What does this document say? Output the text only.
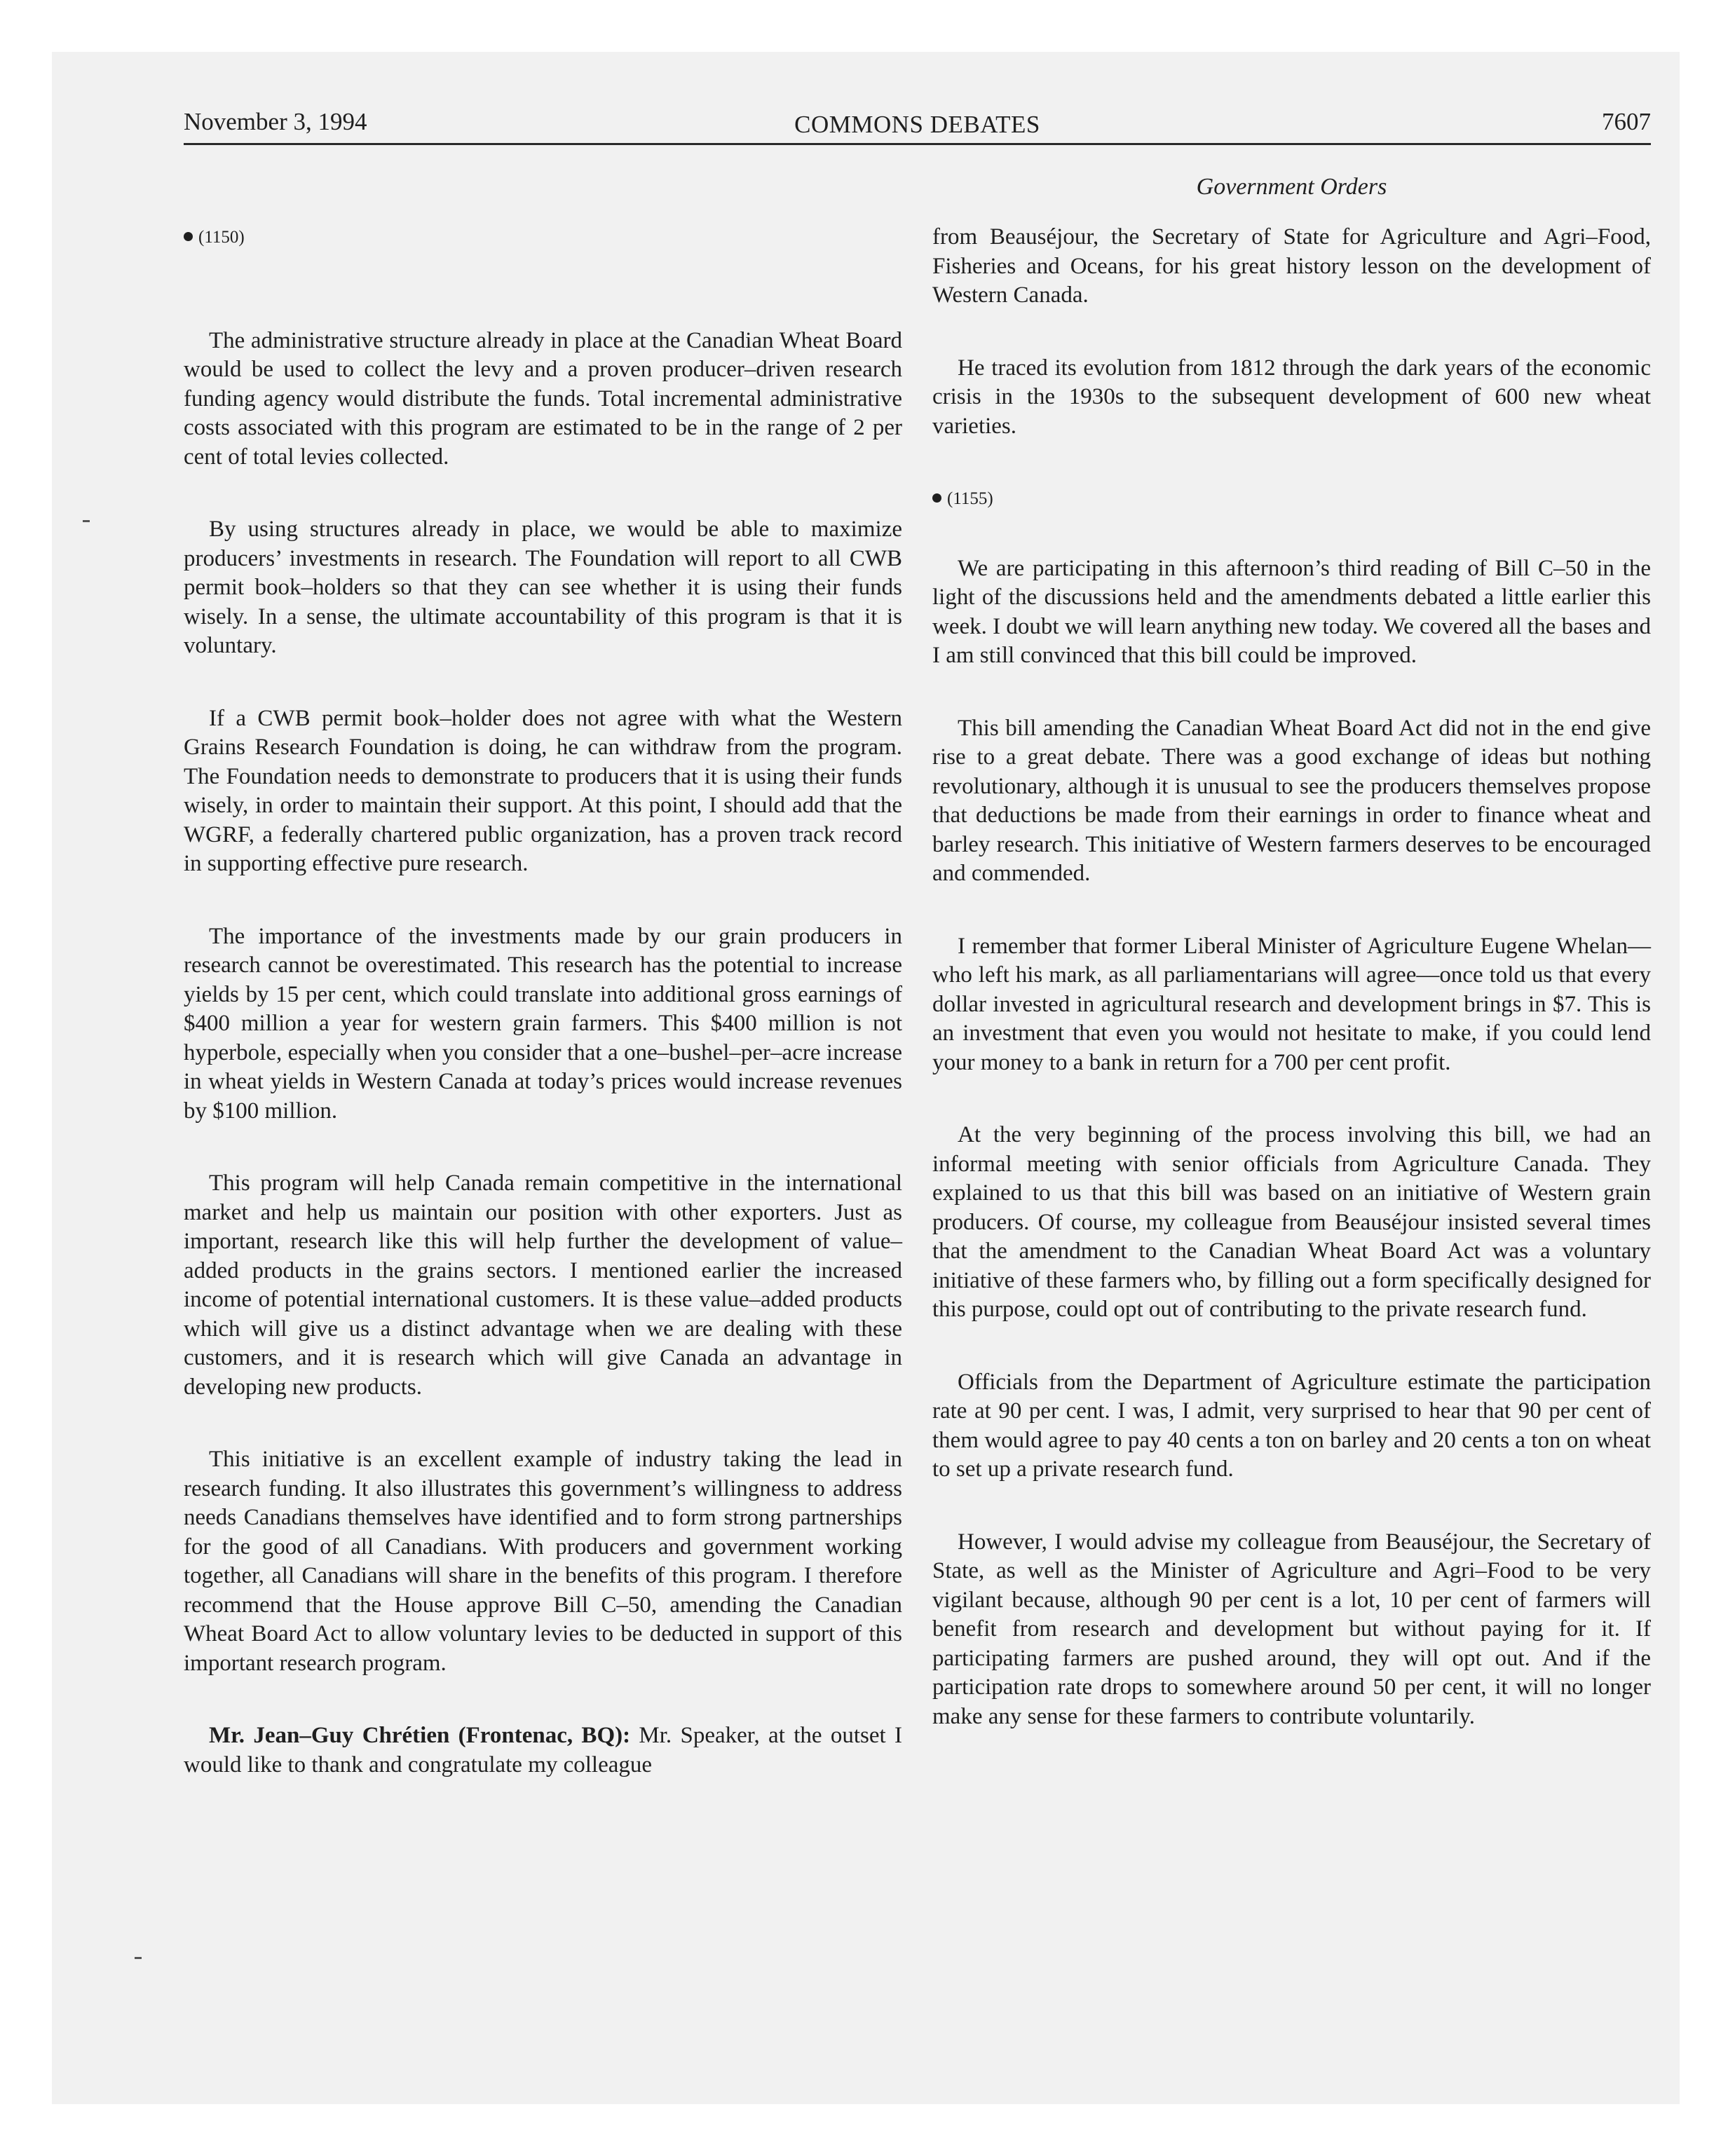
November 3, 1994	COMMONS DEBATES	7607
Government Orders
(1150)

The administrative structure already in place at the Canadian Wheat Board would be used to collect the levy and a proven producer–driven research funding agency would distribute the funds. Total incremental administrative costs associated with this program are estimated to be in the range of 2 per cent of total levies collected.

By using structures already in place, we would be able to maximize producers’ investments in research. The Foundation will report to all CWB permit book–holders so that they can see whether it is using their funds wisely. In a sense, the ultimate accountability of this program is that it is voluntary.

If a CWB permit book–holder does not agree with what the Western Grains Research Foundation is doing, he can withdraw from the program. The Foundation needs to demonstrate to producers that it is using their funds wisely, in order to maintain their support. At this point, I should add that the WGRF, a federally chartered public organization, has a proven track record in supporting effective pure research.

The importance of the investments made by our grain producers in research cannot be overestimated. This research has the potential to increase yields by 15 per cent, which could translate into additional gross earnings of $400 million a year for western grain farmers. This $400 million is not hyperbole, especially when you consider that a one–bushel–per–acre increase in wheat yields in Western Canada at today’s prices would increase revenues by $100 million.

This program will help Canada remain competitive in the international market and help us maintain our position with other exporters. Just as important, research like this will help further the development of value–added products in the grains sectors. I mentioned earlier the increased income of potential international customers. It is these value–added products which will give us a distinct advantage when we are dealing with these customers, and it is research which will give Canada an advantage in developing new products.

This initiative is an excellent example of industry taking the lead in research funding. It also illustrates this government’s willingness to address needs Canadians themselves have identified and to form strong partnerships for the good of all Canadians. With producers and government working together, all Canadians will share in the benefits of this program. I therefore recommend that the House approve Bill C–50, amending the Canadian Wheat Board Act to allow voluntary levies to be deducted in support of this important research program.

Mr. Jean–Guy Chrétien (Frontenac, BQ): Mr. Speaker, at the outset I would like to thank and congratulate my colleague

from Beauséjour, the Secretary of State for Agriculture and Agri–Food, Fisheries and Oceans, for his great history lesson on the development of Western Canada.

He traced its evolution from 1812 through the dark years of the economic crisis in the 1930s to the subsequent development of 600 new wheat varieties.

(1155)

We are participating in this afternoon’s third reading of Bill C–50 in the light of the discussions held and the amendments debated a little earlier this week. I doubt we will learn anything new today. We covered all the bases and I am still convinced that this bill could be improved.

This bill amending the Canadian Wheat Board Act did not in the end give rise to a great debate. There was a good exchange of ideas but nothing revolutionary, although it is unusual to see the producers themselves propose that deductions be made from their earnings in order to finance wheat and barley research. This initiative of Western farmers deserves to be encouraged and commended.

I remember that former Liberal Minister of Agriculture Eugene Whelan—who left his mark, as all parliamentarians will agree—once told us that every dollar invested in agricultural research and development brings in $7. This is an investment that even you would not hesitate to make, if you could lend your money to a bank in return for a 700 per cent profit.

At the very beginning of the process involving this bill, we had an informal meeting with senior officials from Agriculture Canada. They explained to us that this bill was based on an initiative of Western grain producers. Of course, my colleague from Beauséjour insisted several times that the amendment to the Canadian Wheat Board Act was a voluntary initiative of these farmers who, by filling out a form specifically designed for this purpose, could opt out of contributing to the private research fund.

Officials from the Department of Agriculture estimate the participation rate at 90 per cent. I was, I admit, very surprised to hear that 90 per cent of them would agree to pay 40 cents a ton on barley and 20 cents a ton on wheat to set up a private research fund.

However, I would advise my colleague from Beauséjour, the Secretary of State, as well as the Minister of Agriculture and Agri–Food to be very vigilant because, although 90 per cent is a lot, 10 per cent of farmers will benefit from research and development but without paying for it. If participating farmers are pushed around, they will opt out. And if the participation rate drops to somewhere around 50 per cent, it will no longer make any sense for these farmers to contribute voluntarily.
